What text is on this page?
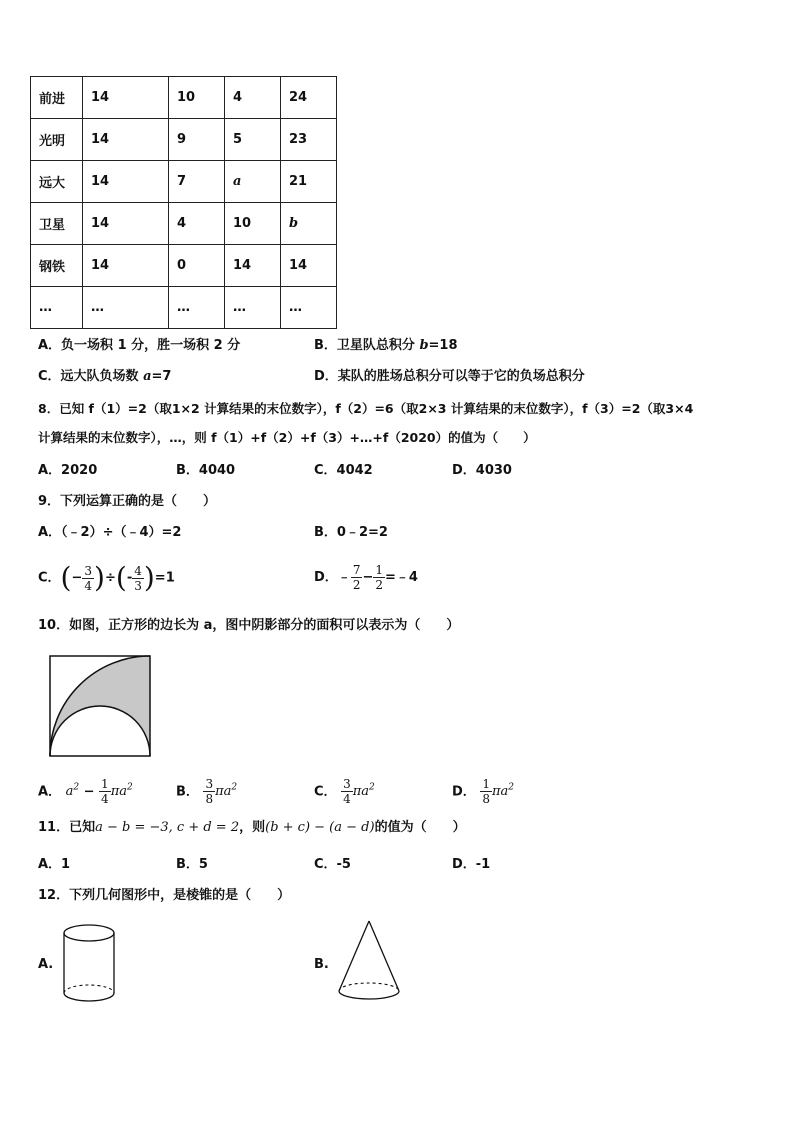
前进	14	10	4	24
光明	14	9	5	23
远大	14	7	a	21
卫星	14	4	10	b
钢铁	14	0	14	14
…	…	…	…	…
A．负一场积 1 分，胜一场积 2 分	B．卫星队总积分 b=18
C．远大队负场数 a=7	D．某队的胜场总积分可以等于它的负场总积分
8．已知 f（1）=2（取1×2 计算结果的末位数字），f（2）=6（取2×3 计算结果的末位数字），f（3）=2（取3×4
计算结果的末位数字），…，则 f（1）+f（2）+f（3）+…+f（2020）的值为（　　）
A．2020	B．4040	C．4042	D．4030
9．下列运算正确的是（　　）
A．（﹣2）÷（﹣4）=2	B．0﹣2=2
C．(− $\frac{3}{4}$ )÷(- $\frac{4}{3} )=1$	D．﹣ $\frac{7}{2} - \frac{1}{2}$ =﹣4
10．如图，正方形的边长为 a，图中阴影部分的面积可以表示为（　　）
A． $a^2 - \frac{1}{4} \pi a^2$	B． $\frac{3}{8} \pi a^2$	C． $\frac{3}{4} \pi a^2$	D． $\frac{1}{8} \pi a^2$
11．已知a − b = −3, c + d = 2，则(b + c) − (a − d)的值为（　　）
A．1	B．5	C．-5	D．-1
12．下列几何图形中，是棱锥的是（　　）
A.	B.
